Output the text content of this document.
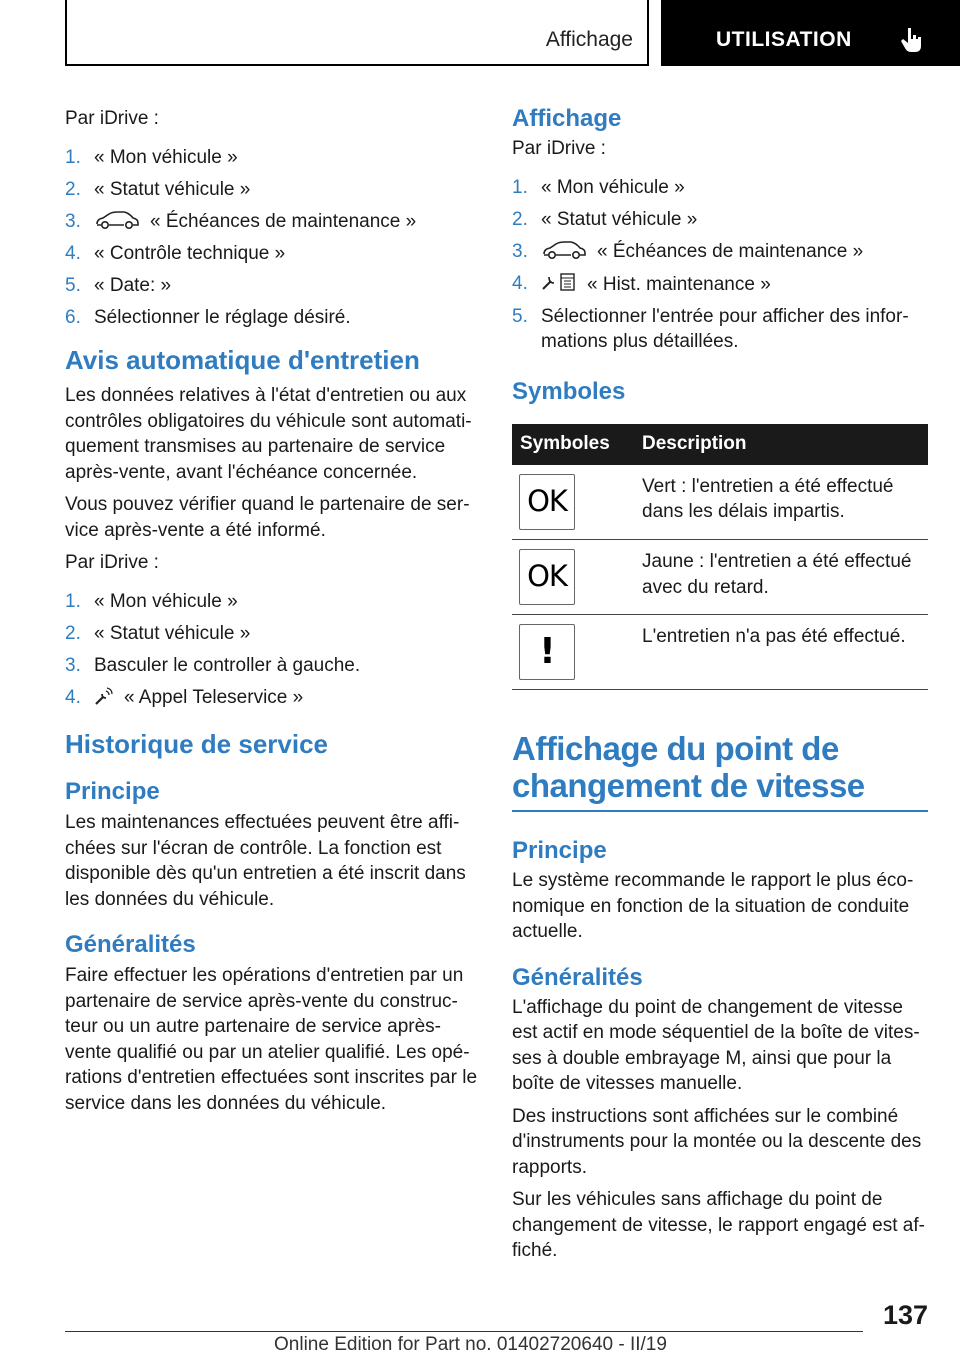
Affichage	UTILISATION

Par iDrive :

1. « Mon véhicule »
2. « Statut véhicule »
3.	« Échéances de maintenance »
4. « Contrôle technique »
5. « Date: »
6. Sélectionner le réglage désiré.
Avis automatique d'entretien

Les données relatives à l'état d'entretien ou aux contrôles obligatoires du véhicule sont automati-quement transmises au partenaire de service après-vente, avant l'échéance concernée.

Vous pouvez vérifier quand le partenaire de ser-vice après-vente a été informé.

Par iDrive :

1. « Mon véhicule »
2. « Statut véhicule »
3. Basculer le controller à gauche.
4. « Appel Teleservice »
Historique de service
Principe

Les maintenances effectuées peuvent être affi-chées sur l'écran de contrôle. La fonction est disponible dès qu'un entretien a été inscrit dans les données du véhicule.

Généralités

Faire effectuer les opérations d'entretien par un partenaire de service après-vente du construc-teur ou un autre partenaire de service après-vente qualifié ou par un atelier qualifié. Les opé-rations d'entretien effectuées sont inscrites par le service dans les données du véhicule.

Affichage

Par iDrive :

1. « Mon véhicule »
2. « Statut véhicule »
3.	« Échéances de maintenance »
4.	« Hist. maintenance »
5. Sélectionner l'entrée pour afficher des infor-mations plus détaillées.
Symboles
Symboles	Description

OK	Vert : l'entretien a été effectué dans les délais impartis.

OK	Jaune : l'entretien a été effectué avec du retard.

!	L'entretien n'a pas été effectué.
Affichage du point de
changement de vitesse
Principe

Le système recommande le rapport le plus éco-nomique en fonction de la situation de conduite actuelle.

Généralités

L'affichage du point de changement de vitesse est actif en mode séquentiel de la boîte de vites-ses à double embrayage M, ainsi que pour la boîte de vitesses manuelle.

Des instructions sont affichées sur le combiné d'instruments pour la montée ou la descente des rapports.

Sur les véhicules sans affichage du point de changement de vitesse, le rapport engagé est af-fiché.

137
Online Edition for Part no. 01402720640 - II/19
